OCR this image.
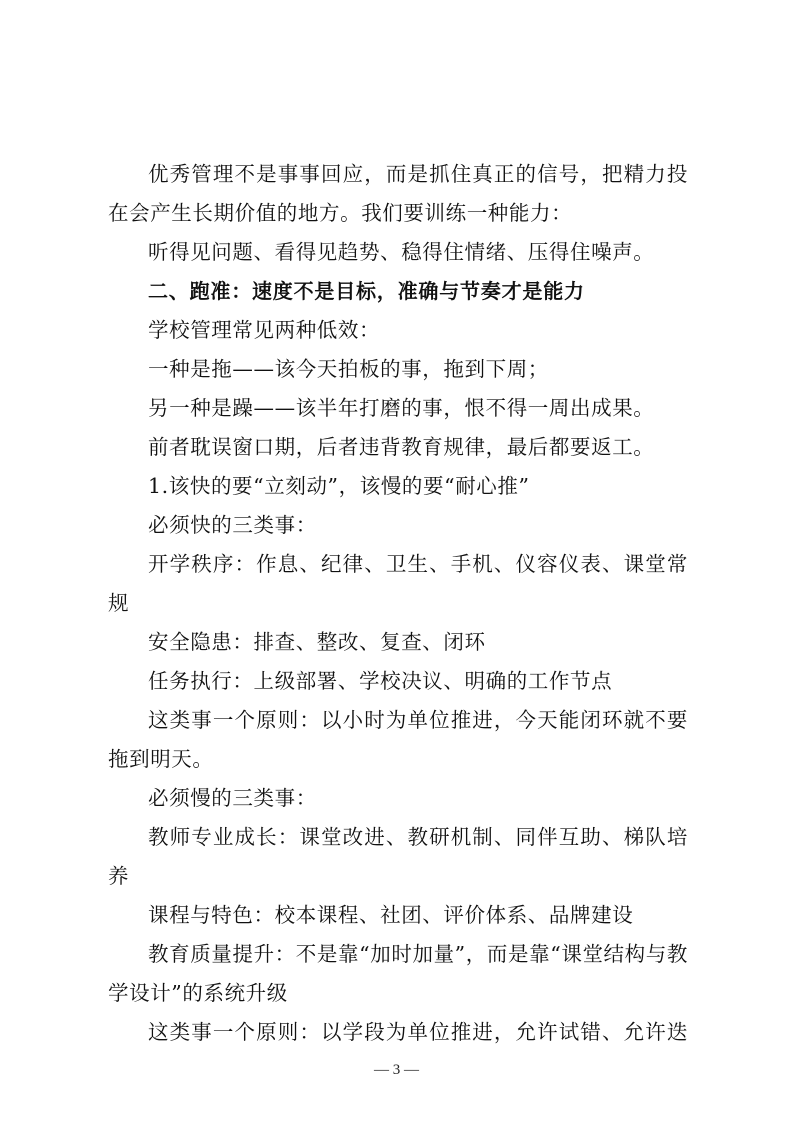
优秀管理不是事事回应，而是抓住真正的信号，把精力投

在会产生长期价值的地方。我们要训练一种能力：

听得见问题、看得见趋势、稳得住情绪、压得住噪声。

二、跑准：速度不是目标，准确与节奏才是能力

学校管理常见两种低效：

一种是拖——该今天拍板的事，拖到下周；

另一种是躁——该半年打磨的事，恨不得一周出成果。

前者耽误窗口期，后者违背教育规律，最后都要返工。

1.该快的要“立刻动”，该慢的要“耐心推”

必须快的三类事：

开学秩序：作息、纪律、卫生、手机、仪容仪表、课堂常

规

安全隐患：排查、整改、复查、闭环

任务执行：上级部署、学校决议、明确的工作节点

这类事一个原则：以小时为单位推进，今天能闭环就不要

拖到明天。

必须慢的三类事：

教师专业成长：课堂改进、教研机制、同伴互助、梯队培

养

课程与特色：校本课程、社团、评价体系、品牌建设

教育质量提升：不是靠“加时加量”，而是靠“课堂结构与教

学设计”的系统升级

这类事一个原则：以学段为单位推进，允许试错、允许迭

— 3 —
